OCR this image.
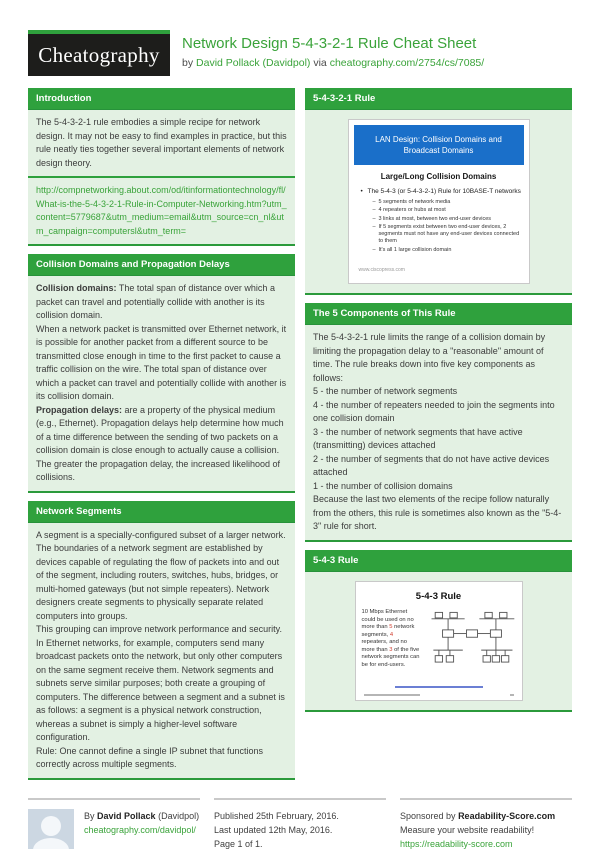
Cheatography Network Design 5-4-3-2-1 Rule Cheat Sheet
by David Pollack (Davidpol) via cheatography.com/2754/cs/7085/
Introduction
The 5-4-3-2-1 rule embodies a simple recipe for network design. It may not be easy to find examples in practice, but this rule neatly ties together several important elements of network design theory.
http://compnetworking.about.com/od/itinformationtechnology/fl/What-is-the-5-4-3-2-1-Rule-in-Computer-Networking.htm?utm_content=5779687&utm_medium=email&utm_source=cn_nl&utm_campaign=computersl&utm_term=
Collision Domains and Propagation Delays
Collision domains: The total span of distance over which a packet can travel and potentially collide with another is its collision domain.
When a network packet is transmitted over Ethernet network, it is possible for another packet from a different source to be transmitted close enough in time to the first packet to cause a traffic collision on the wire. The total span of distance over which a packet can travel and potentially collide with another is its collision domain.
Propagation delays: are a property of the physical medium (e.g., Ethernet). Propagation delays help determine how much of a time difference between the sending of two packets on a collision domain is close enough to actually cause a collision. The greater the propagation delay, the increased likelihood of collisions.
Network Segments
A segment is a specially-configured subset of a larger network. The boundaries of a network segment are established by devices capable of regulating the flow of packets into and out of the segment, including routers, switches, hubs, bridges, or multi-homed gateways (but not simple repeaters). Network designers create segments to physically separate related computers into groups.
This grouping can improve network performance and security. In Ethernet networks, for example, computers send many broadcast packets onto the network, but only other computers on the same segment receive them. Network segments and subnets serve similar purposes; both create a grouping of computers. The difference between a segment and a subnet is as follows: a segment is a physical network construction, whereas a subnet is simply a higher-level software configuration.
Rule: One cannot define a single IP subnet that functions correctly across multiple segments.
5-4-3-2-1 Rule
LAN Design: Collision Domains and Broadcast Domains
Large/Long Collision Domains
• The 5-4-3 (or 5-4-3-2-1) Rule for 10BASE-T networks
– 5 segments of network media
– 4 repeaters or hubs at most
– 3 links at most, between two end-user devices
– If 5 segments exist between two end-user devices, 2 segments must not have any end-user devices connected to them
– It's all 1 large collision domain
www.ciscopress.com
The 5 Components of This Rule
The 5-4-3-2-1 rule limits the range of a collision domain by limiting the propagation delay to a "reasonable" amount of time. The rule breaks down into five key components as follows:
5 - the number of network segments
4 - the number of repeaters needed to join the segments into one collision domain
3 - the number of network segments that have active (transmitting) devices attached
2 - the number of segments that do not have active devices attached
1 - the number of collision domains
Because the last two elements of the recipe follow naturally from the others, this rule is sometimes also known as the "5-4-3" rule for short.
5-4-3 Rule
5-4-3 Rule
10 Mbps Ethernet could be used on no more than 5 network segments, 4 repeaters, and no more than 3 of the five network segments can be for end-users.
By David Pollack (Davidpol)
cheatography.com/davidpol/
Published 25th February, 2016.
Last updated 12th May, 2016.
Page 1 of 1.
Sponsored by Readability-Score.com
Measure your website readability!
https://readability-score.com
